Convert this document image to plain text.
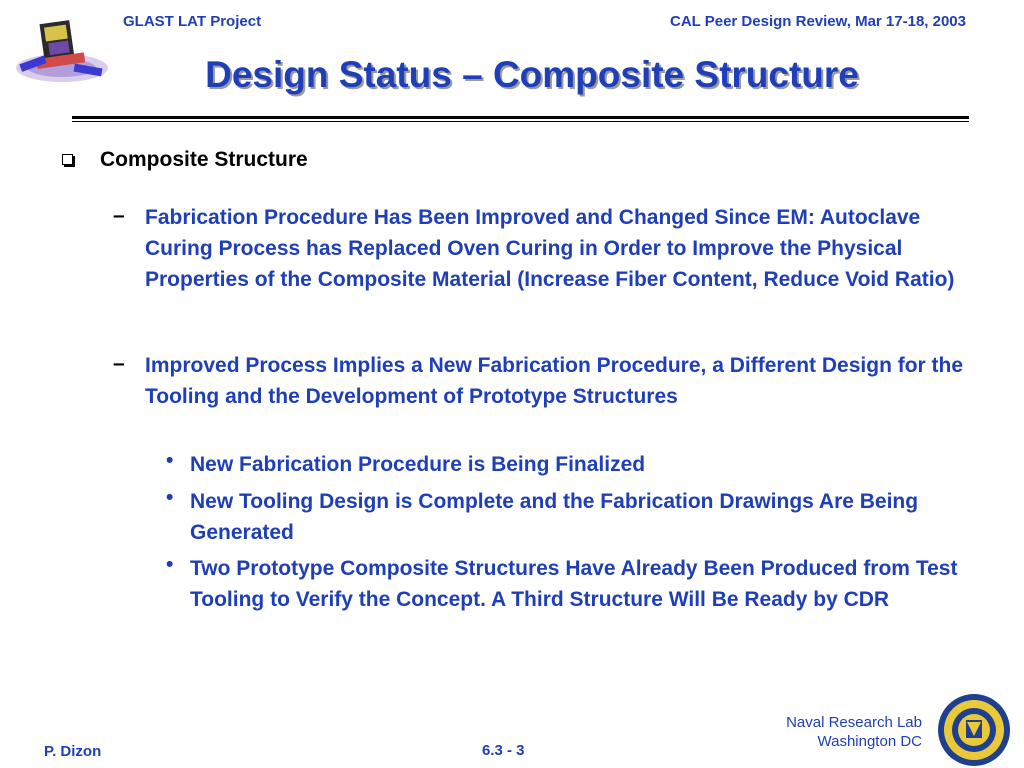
GLAST LAT Project	CAL Peer Design Review, Mar 17-18, 2003
Design Status – Composite Structure
Composite Structure
– Fabrication Procedure Has Been Improved and Changed Since EM: Autoclave Curing Process has Replaced Oven Curing in Order to Improve the Physical Properties of the Composite Material (Increase Fiber Content, Reduce Void Ratio)

– Improved Process Implies a New Fabrication Procedure, a Different Design for the Tooling and the Development of Prototype Structures

• New Fabrication Procedure is Being Finalized

• New Tooling Design is Complete and the Fabrication Drawings Are Being Generated

• Two Prototype Composite Structures Have Already Been Produced from Test Tooling to Verify the Concept. A Third Structure Will Be Ready by CDR

P. Dizon	6.3 - 3
Naval Research Lab
Washington DC
